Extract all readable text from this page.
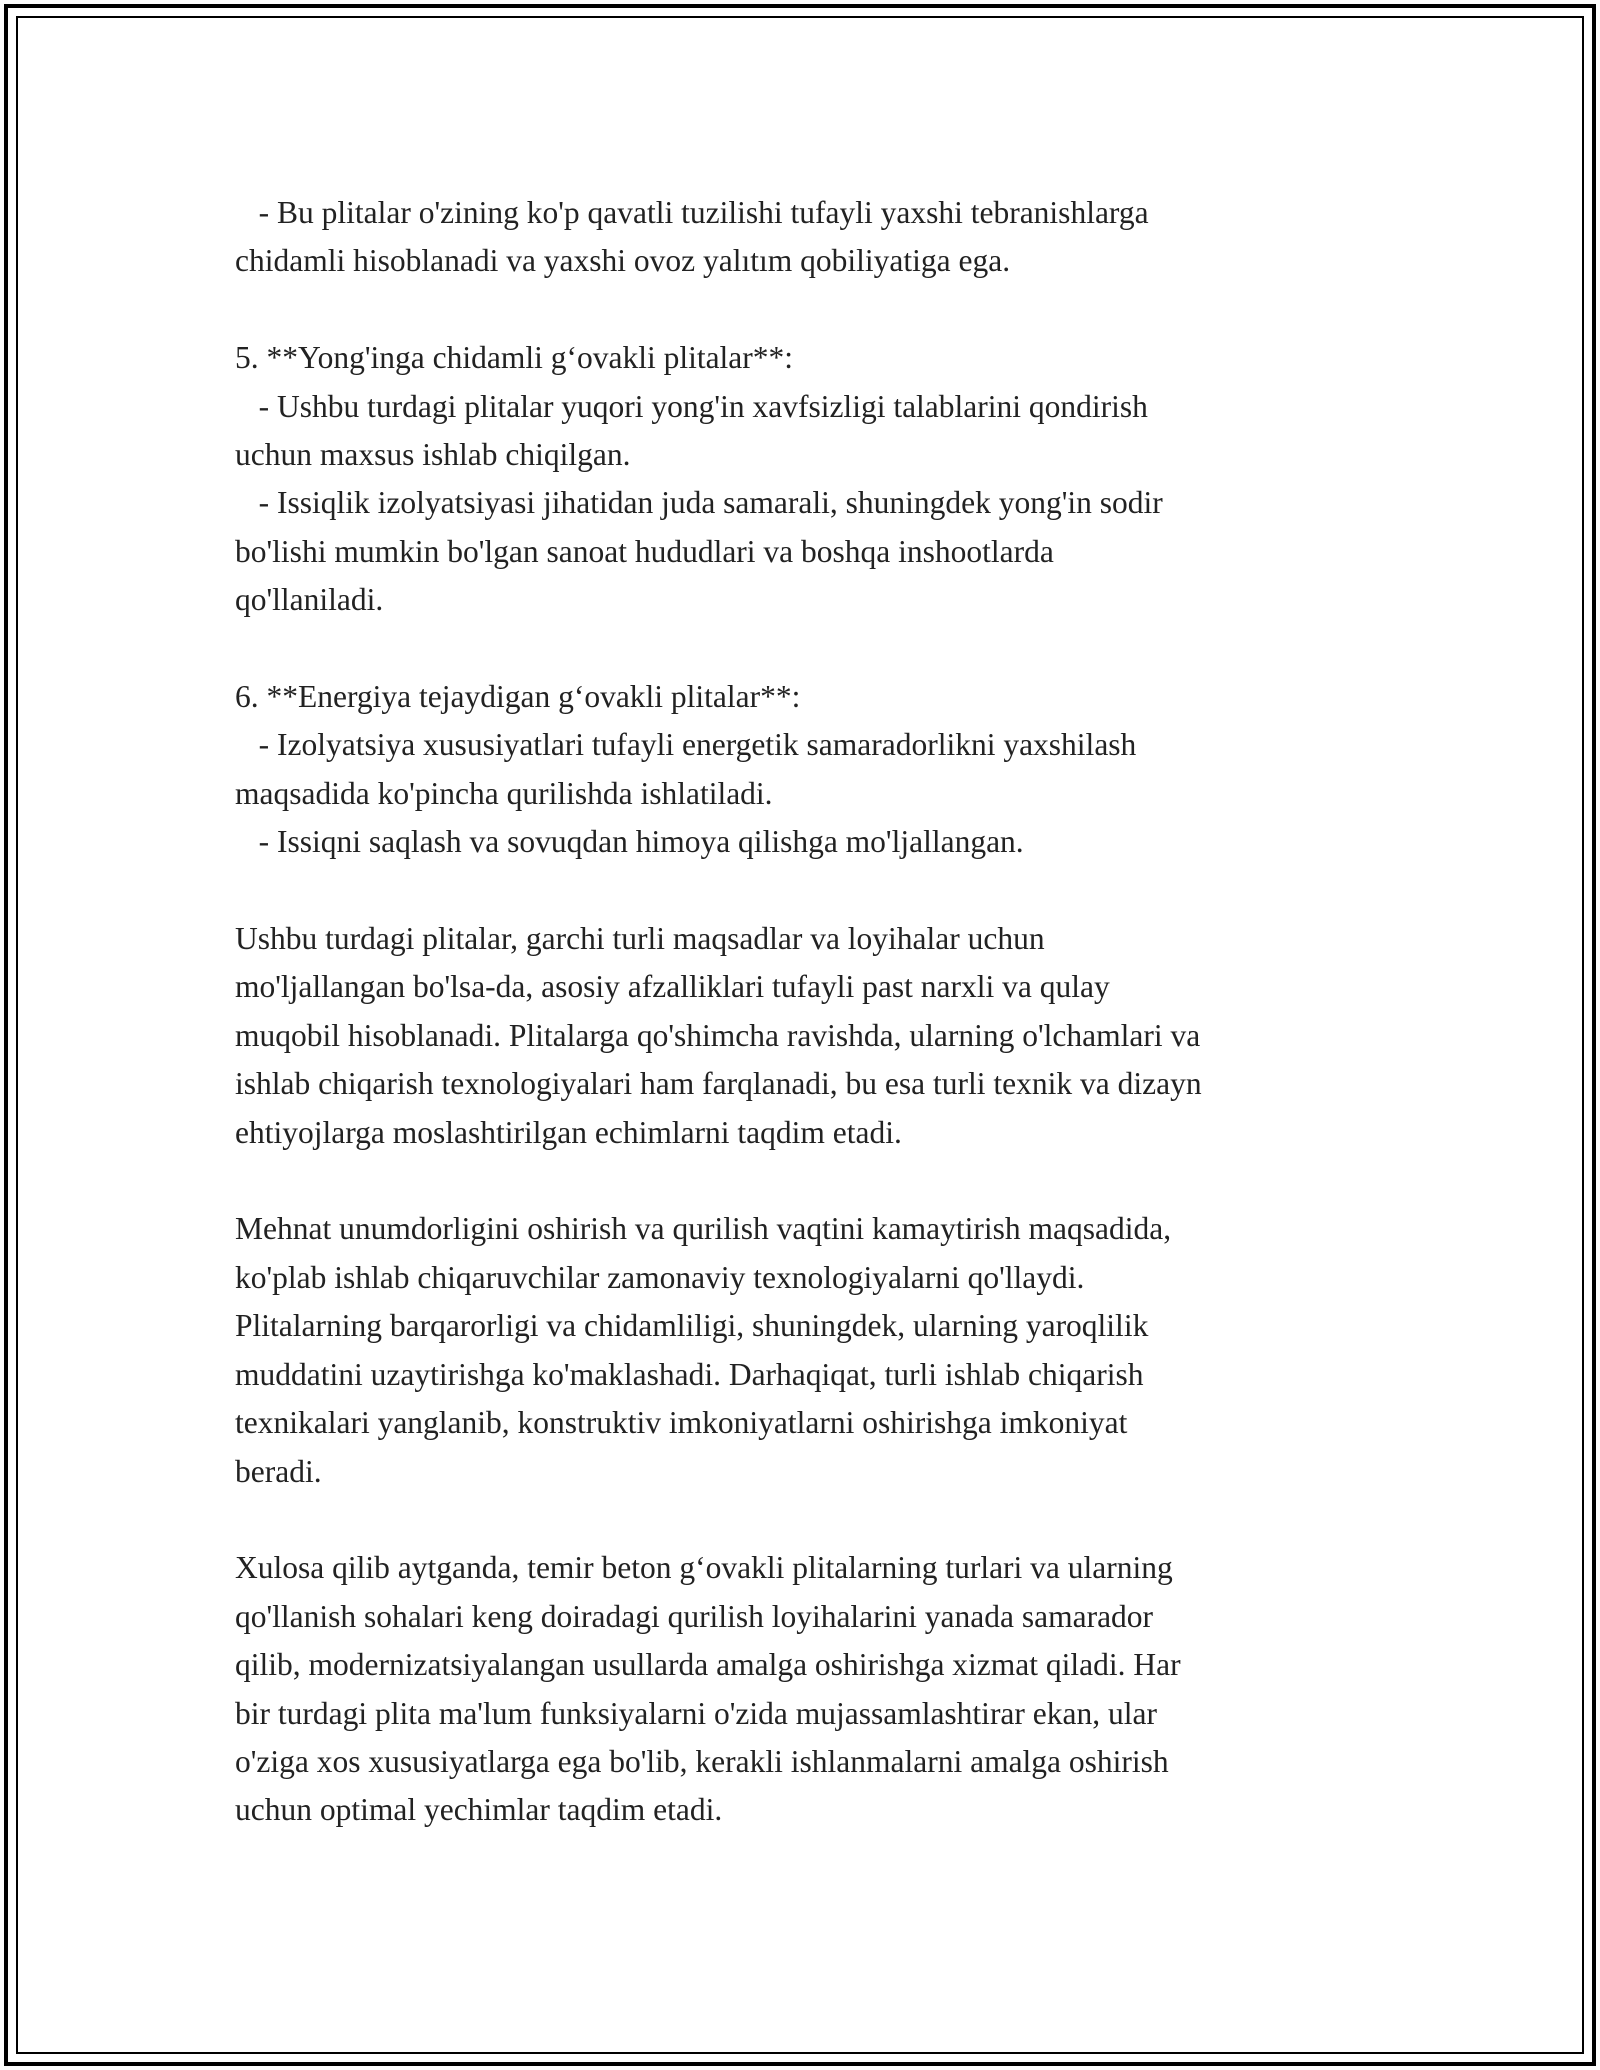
- Bu plitalar o'zining ko'p qavatli tuzilishi tufayli yaxshi tebranishlarga

chidamli hisoblanadi va yaxshi ovoz yalıtım qobiliyatiga ega.

5. **Yong'inga chidamli g‘ovakli plitalar**:

- Ushbu turdagi plitalar yuqori yong'in xavfsizligi talablarini qondirish

uchun maxsus ishlab chiqilgan.

- Issiqlik izolyatsiyasi jihatidan juda samarali, shuningdek yong'in sodir

bo'lishi mumkin bo'lgan sanoat hududlari va boshqa inshootlarda

qo'llaniladi.

6. **Energiya tejaydigan g‘ovakli plitalar**:

- Izolyatsiya xususiyatlari tufayli energetik samaradorlikni yaxshilash

maqsadida ko'pincha qurilishda ishlatiladi.

- Issiqni saqlash va sovuqdan himoya qilishga mo'ljallangan.

Ushbu turdagi plitalar, garchi turli maqsadlar va loyihalar uchun

mo'ljallangan bo'lsa-da, asosiy afzalliklari tufayli past narxli va qulay

muqobil hisoblanadi. Plitalarga qo'shimcha ravishda, ularning o'lchamlari va

ishlab chiqarish texnologiyalari ham farqlanadi, bu esa turli texnik va dizayn

ehtiyojlarga moslashtirilgan echimlarni taqdim etadi.

Mehnat unumdorligini oshirish va qurilish vaqtini kamaytirish maqsadida,

ko'plab ishlab chiqaruvchilar zamonaviy texnologiyalarni qo'llaydi.

Plitalarning barqarorligi va chidamliligi, shuningdek, ularning yaroqlilik

muddatini uzaytirishga ko'maklashadi. Darhaqiqat, turli ishlab chiqarish

texnikalari yanglanib, konstruktiv imkoniyatlarni oshirishga imkoniyat

beradi.

Xulosa qilib aytganda, temir beton g‘ovakli plitalarning turlari va ularning

qo'llanish sohalari keng doiradagi qurilish loyihalarini yanada samarador

qilib, modernizatsiyalangan usullarda amalga oshirishga xizmat qiladi. Har

bir turdagi plita ma'lum funksiyalarni o'zida mujassamlashtirar ekan, ular

o'ziga xos xususiyatlarga ega bo'lib, kerakli ishlanmalarni amalga oshirish

uchun optimal yechimlar taqdim etadi.
